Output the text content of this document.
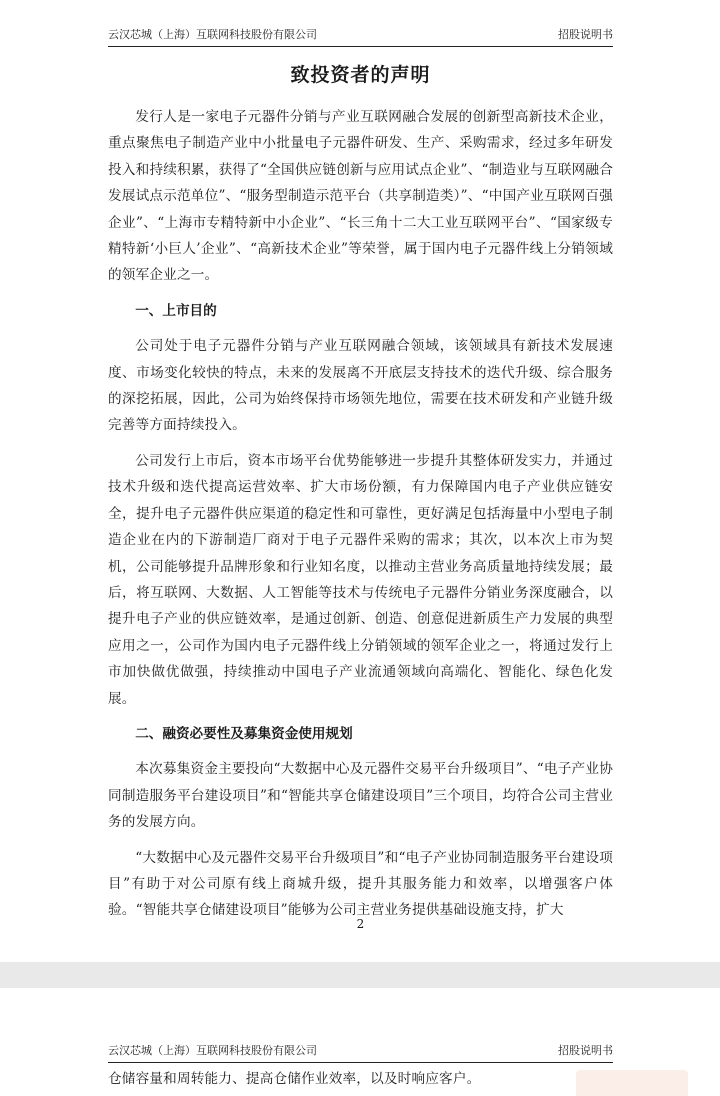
云汉芯城（上海）互联网科技股份有限公司	招股说明书
致投资者的声明

发行人是一家电子元器件分销与产业互联网融合发展的创新型高新技术企业，重点聚焦电子制造产业中小批量电子元器件研发、生产、采购需求，经过多年研发投入和持续积累，获得了“全国供应链创新与应用试点企业”、“制造业与互联网融合发展试点示范单位”、“服务型制造示范平台（共享制造类）”、“中国产业互联网百强企业”、“上海市专精特新中小企业”、“长三角十二大工业互联网平台”、“国家级专精特新‘小巨人’企业”、“高新技术企业”等荣誉，属于国内电子元器件线上分销领域的领军企业之一。

一、上市目的

公司处于电子元器件分销与产业互联网融合领域，该领域具有新技术发展速度、市场变化较快的特点，未来的发展离不开底层支持技术的迭代升级、综合服务的深挖拓展，因此，公司为始终保持市场领先地位，需要在技术研发和产业链升级完善等方面持续投入。

公司发行上市后，资本市场平台优势能够进一步提升其整体研发实力，并通过技术升级和迭代提高运营效率、扩大市场份额，有力保障国内电子产业供应链安全，提升电子元器件供应渠道的稳定性和可靠性，更好满足包括海量中小型电子制造企业在内的下游制造厂商对于电子元器件采购的需求；其次，以本次上市为契机，公司能够提升品牌形象和行业知名度，以推动主营业务高质量地持续发展；最后，将互联网、大数据、人工智能等技术与传统电子元器件分销业务深度融合，以提升电子产业的供应链效率，是通过创新、创造、创意促进新质生产力发展的典型应用之一，公司作为国内电子元器件线上分销领域的领军企业之一，将通过发行上市加快做优做强，持续推动中国电子产业流通领域向高端化、智能化、绿色化发展。

二、融资必要性及募集资金使用规划

本次募集资金主要投向“大数据中心及元器件交易平台升级项目”、“电子产业协同制造服务平台建设项目”和“智能共享仓储建设项目”三个项目，均符合公司主营业务的发展方向。

“大数据中心及元器件交易平台升级项目”和“电子产业协同制造服务平台建设项目”有助于对公司原有线上商城升级，提升其服务能力和效率，以增强客户体验。“智能共享仓储建设项目”能够为公司主营业务提供基础设施支持，扩大

2
云汉芯城（上海）互联网科技股份有限公司	招股说明书

仓储容量和周转能力、提高仓储作业效率，以及时响应客户。
